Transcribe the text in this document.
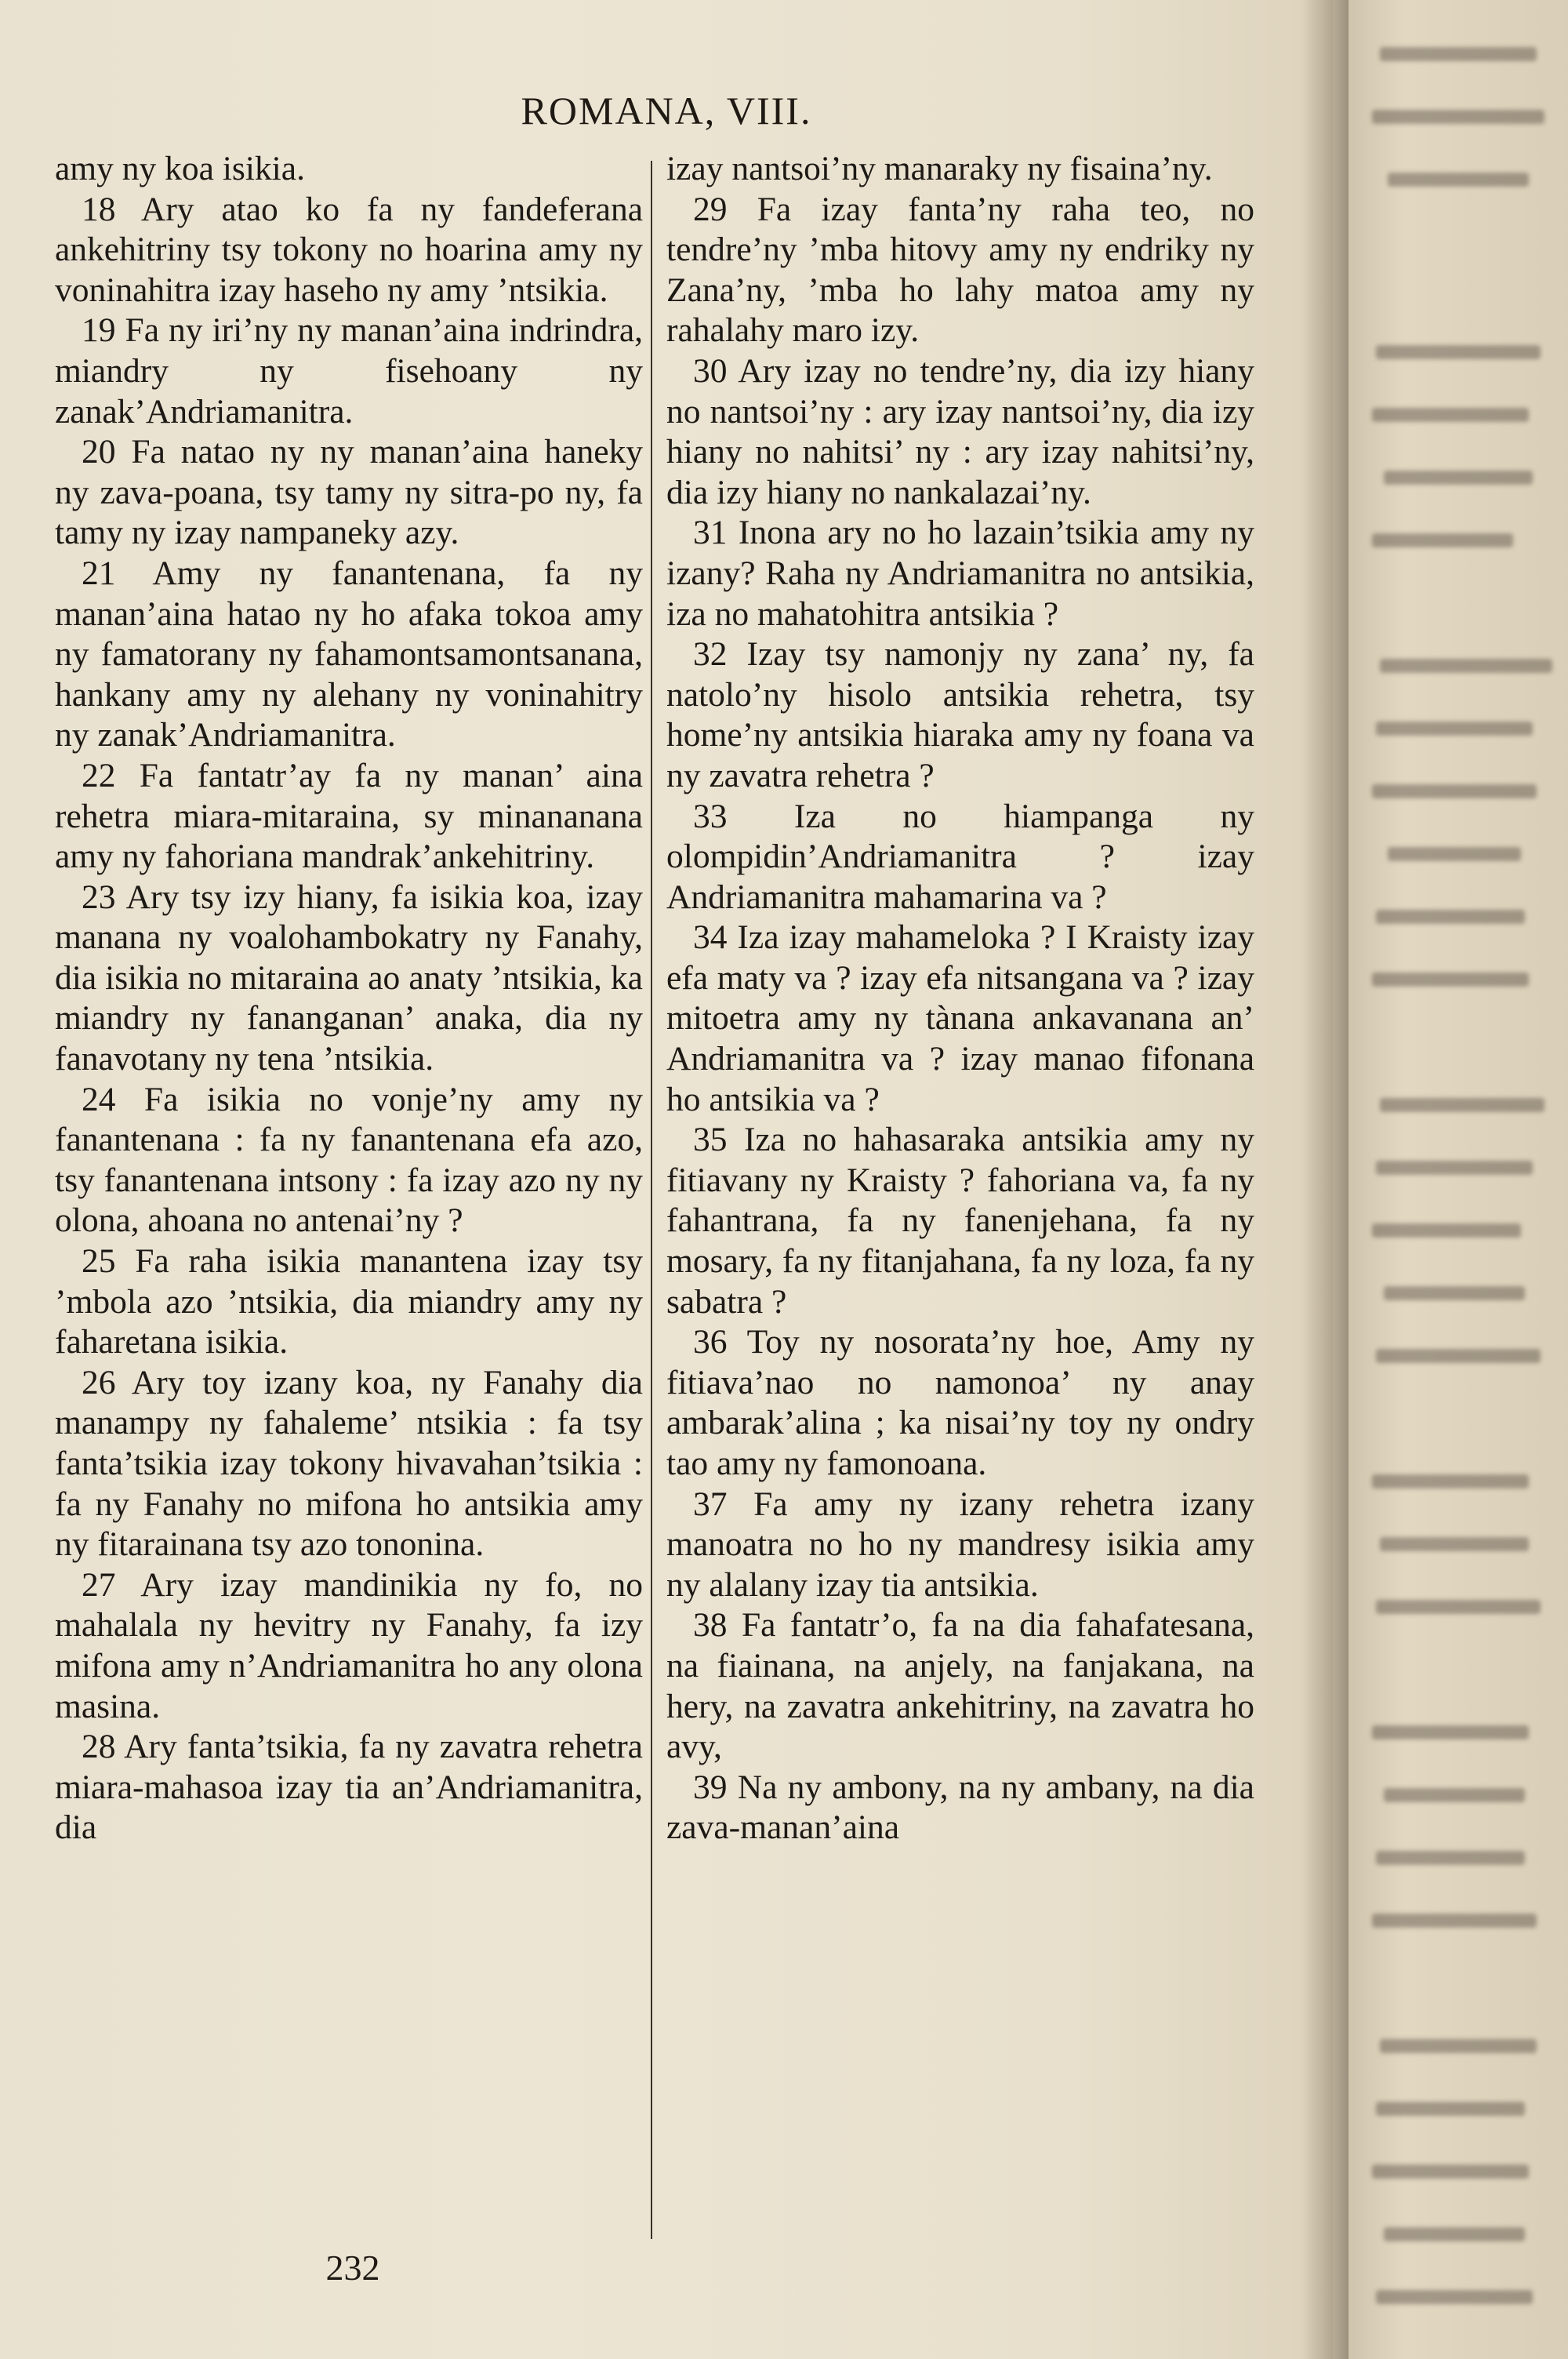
ROMANA, VIII.

amy ny koa isikia.

18 Ary atao ko fa ny fandeferana ankehitriny tsy tokony no hoarina amy ny voninahitra izay haseho ny amy ’ntsikia.

19 Fa ny iri’ny ny manan’aina indrindra, miandry ny fisehoany ny zanak’Andriamanitra.

20 Fa natao ny ny manan’aina haneky ny zava-poana, tsy tamy ny sitra-po ny, fa tamy ny izay nampaneky azy.

21 Amy ny fanantenana, fa ny manan’aina hatao ny ho afaka tokoa amy ny famatorany ny fahamontsamontsanana, hankany amy ny alehany ny voninahitry ny zanak’Andriamanitra.

22 Fa fantatr’ay fa ny manan’ aina rehetra miara-mitaraina, sy minananana amy ny fahoriana mandrak’ankehitriny.

23 Ary tsy izy hiany, fa isikia koa, izay manana ny voalohambokatry ny Fanahy, dia isikia no mitaraina ao anaty ’ntsikia, ka miandry ny fananganan’ anaka, dia ny fanavotany ny tena ’ntsikia.

24 Fa isikia no vonje’ny amy ny fanantenana : fa ny fanantenana efa azo, tsy fanantenana intsony : fa izay azo ny ny olona, ahoana no antenai’ny ?

25 Fa raha isikia manantena izay tsy ’mbola azo ’ntsikia, dia miandry amy ny faharetana isikia.

26 Ary toy izany koa, ny Fanahy dia manampy ny fahaleme’ ntsikia : fa tsy fanta’tsikia izay tokony hivavahan’tsikia : fa ny Fanahy no mifona ho antsikia amy ny fitarainana tsy azo tononina.

27 Ary izay mandinikia ny fo, no mahalala ny hevitry ny Fanahy, fa izy mifona amy n’Andriamanitra ho any olona masina.

28 Ary fanta’tsikia, fa ny zavatra rehetra miara-mahasoa izay tia an’Andriamanitra, dia

izay nantsoi’ny manaraky ny fisaina’ny.

29 Fa izay fanta’ny raha teo, no tendre’ny ’mba hitovy amy ny endriky ny Zana’ny, ’mba ho lahy matoa amy ny rahalahy maro izy.

30 Ary izay no tendre’ny, dia izy hiany no nantsoi’ny : ary izay nantsoi’ny, dia izy hiany no nahitsi’ ny : ary izay nahitsi’ny, dia izy hiany no nankalazai’ny.

31 Inona ary no ho lazain’tsikia amy ny izany? Raha ny Andriamanitra no antsikia, iza no mahatohitra antsikia ?

32 Izay tsy namonjy ny zana’ ny, fa natolo’ny hisolo antsikia rehetra, tsy home’ny antsikia hiaraka amy ny foana va ny zavatra rehetra ?

33 Iza no hiampanga ny olompidin’Andriamanitra ? izay Andriamanitra mahamarina va ?

34 Iza izay mahameloka ? I Kraisty izay efa maty va ? izay efa nitsangana va ? izay mitoetra amy ny tànana ankavanana an’ Andriamanitra va ? izay manao fifonana ho antsikia va ?

35 Iza no hahasaraka antsikia amy ny fitiavany ny Kraisty ? fahoriana va, fa ny fahantrana, fa ny fanenjehana, fa ny mosary, fa ny fitanjahana, fa ny loza, fa ny sabatra ?

36 Toy ny nosorata’ny hoe, Amy ny fitiava’nao no namonoa’ ny anay ambarak’alina ; ka nisai’ny toy ny ondry tao amy ny famonoana.

37 Fa amy ny izany rehetra izany manoatra no ho ny mandresy isikia amy ny alalany izay tia antsikia.

38 Fa fantatr’o, fa na dia fahafatesana, na fiainana, na anjely, na fanjakana, na hery, na zavatra ankehitriny, na zavatra ho avy,

39 Na ny ambony, na ny ambany, na dia zava-manan’aina

232
